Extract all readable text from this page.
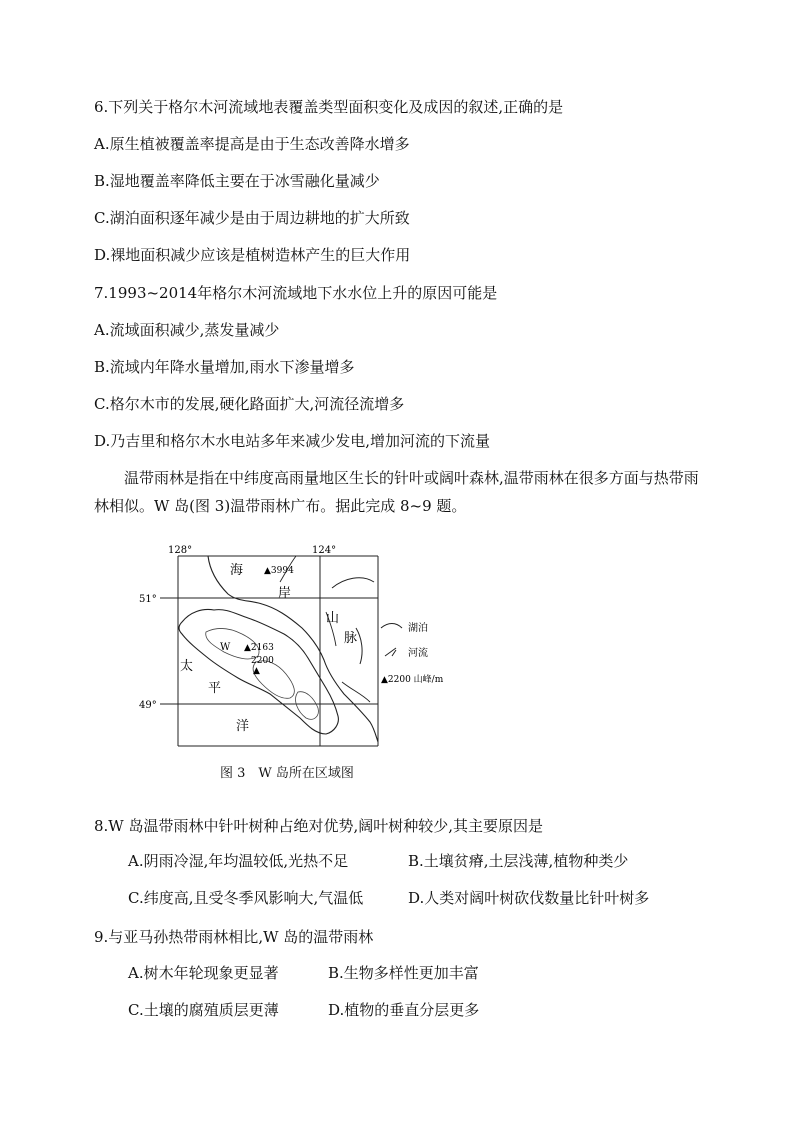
6.下列关于格尔木河流域地表覆盖类型面积变化及成因的叙述,正确的是
A.原生植被覆盖率提高是由于生态改善降水增多
B.湿地覆盖率降低主要在于冰雪融化量减少
C.湖泊面积逐年减少是由于周边耕地的扩大所致
D.裸地面积减少应该是植树造林产生的巨大作用
7.1993~2014年格尔木河流域地下水水位上升的原因可能是
A.流域面积减少,蒸发量减少
B.流域内年降水量增加,雨水下渗量增多
C.格尔木市的发展,硬化路面扩大,河流径流增多
D.乃吉里和格尔木水电站多年来减少发电,增加河流的下流量
温带雨林是指在中纬度高雨量地区生长的针叶或阔叶森林,温带雨林在很多方面与热带雨林相似。W 岛(图 3)温带雨林广布。据此完成 8~9 题。
128°	124°
51°
49°
海
岸
山
脉
太
平
洋
W
▲3994
▲2163
2200
▲
湖泊
河流
▲2200 山峰/m
图 3　W 岛所在区域图
8.W 岛温带雨林中针叶树种占绝对优势,阔叶树种较少,其主要原因是
A.阴雨冷湿,年均温较低,光热不足	B.土壤贫瘠,土层浅薄,植物种类少
C.纬度高,且受冬季风影响大,气温低	D.人类对阔叶树砍伐数量比针叶树多
9.与亚马孙热带雨林相比,W 岛的温带雨林
A.树木年轮现象更显著	B.生物多样性更加丰富
C.土壤的腐殖质层更薄	D.植物的垂直分层更多
